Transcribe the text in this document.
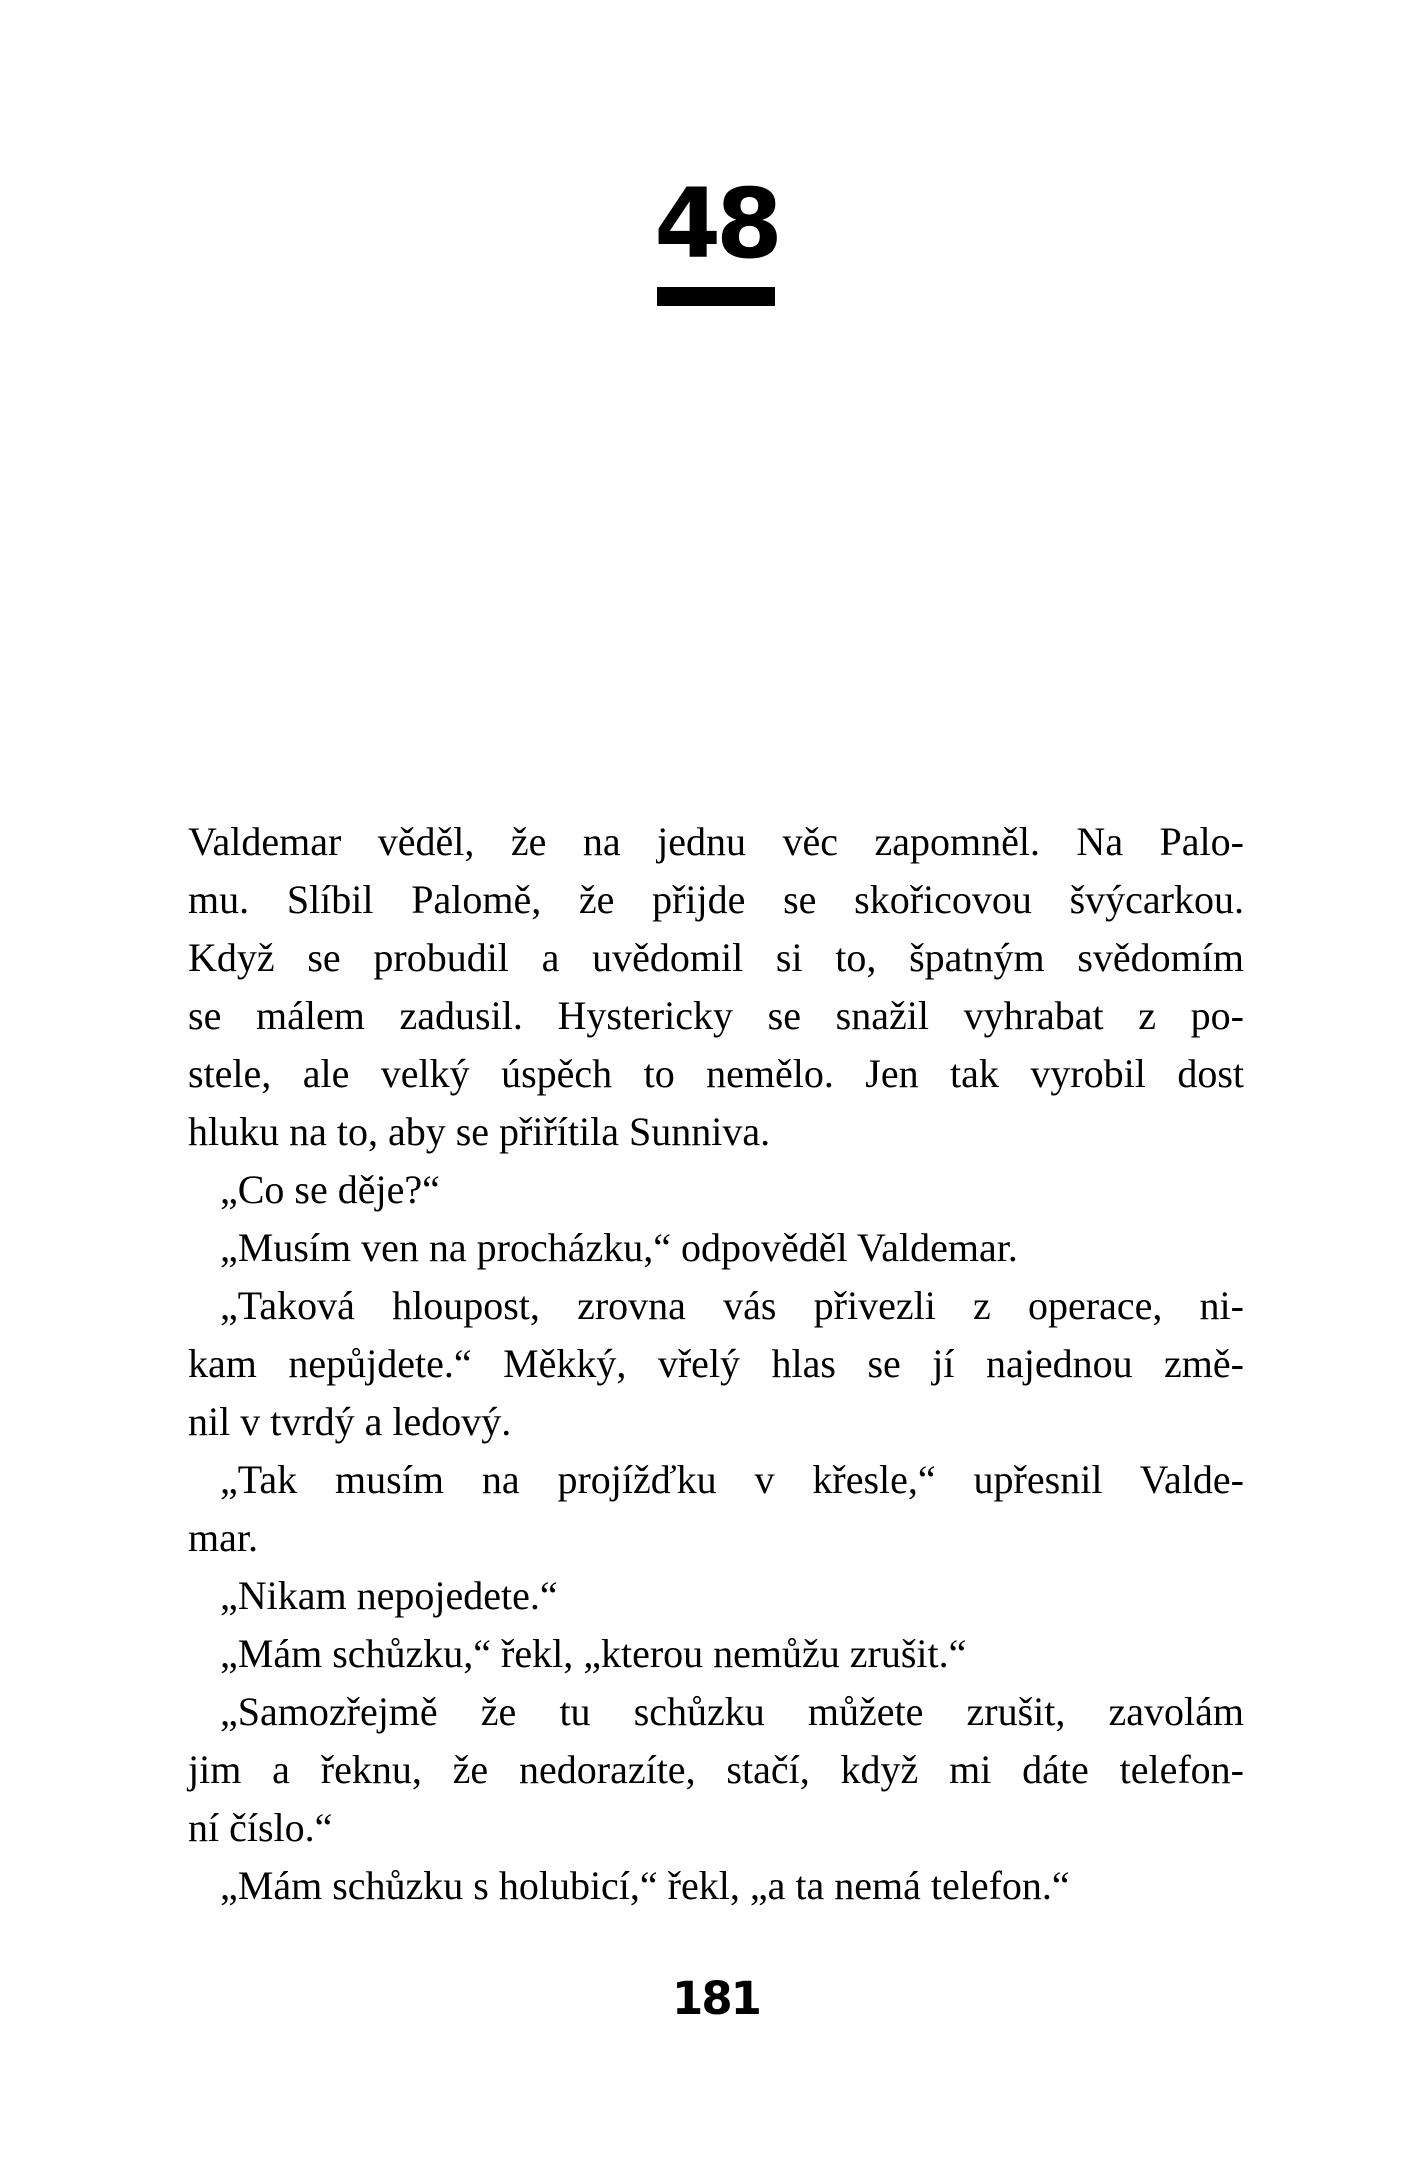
48
Valdemar věděl, že na jednu věc zapomněl. Na Palo-
mu. Slíbil Palomě, že přijde se skořicovou švýcarkou.
Když se probudil a uvědomil si to, špatným svědomím
se málem zadusil. Hystericky se snažil vyhrabat z po-
stele, ale velký úspěch to nemělo. Jen tak vyrobil dost
hluku na to, aby se přiřítila Sunniva.
„Co se děje?“
„Musím ven na procházku,“ odpověděl Valdemar.
„Taková hloupost, zrovna vás přivezli z operace, ni-
kam nepůjdete.“ Měkký, vřelý hlas se jí najednou změ-
nil v tvrdý a ledový.
„Tak musím na projížďku v křesle,“ upřesnil Valde-
mar.
„Nikam nepojedete.“
„Mám schůzku,“ řekl, „kterou nemůžu zrušit.“
„Samozřejmě že tu schůzku můžete zrušit, zavolám
jim a řeknu, že nedorazíte, stačí, když mi dáte telefon-
ní číslo.“
„Mám schůzku s holubicí,“ řekl, „a ta nemá telefon.“
181
